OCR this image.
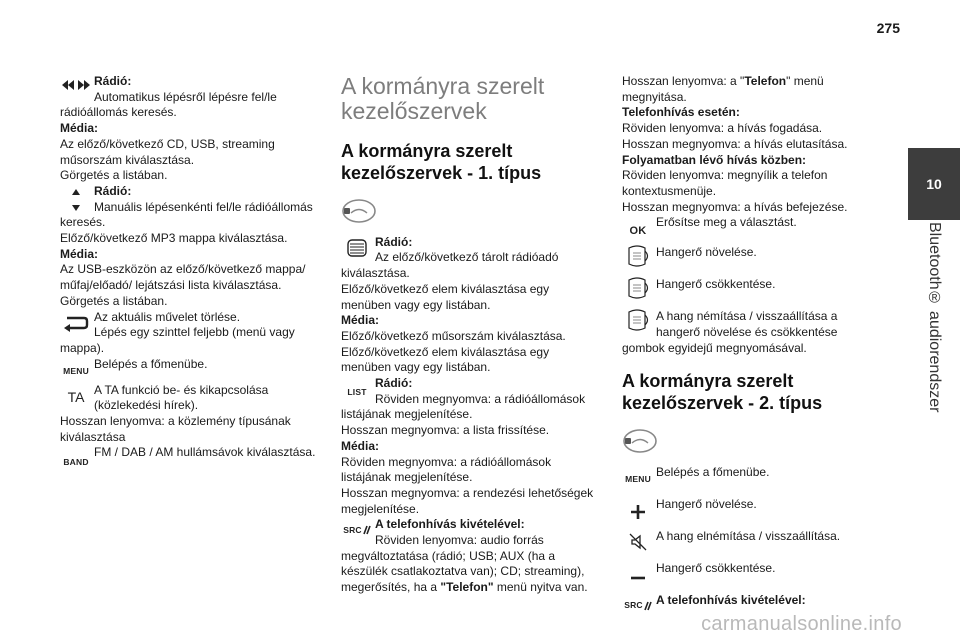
275
10
Bluetooth® audiorendszer
Rádió:
Automatikus lépésről lépésre fel/le
rádióállomás keresés.
Média:
Az előző/következő CD, USB, streaming
műsorszám kiválasztása.
Görgetés a listában.
Rádió:
Manuális lépésenkénti fel/le rádióállomás
keresés.
Előző/következő MP3 mappa kiválasztása.
Média:
Az USB-eszközön az előző/következő mappa/
műfaj/előadó/ lejátszási lista kiválasztása.
Görgetés a listában.
Az aktuális művelet törlése.
Lépés egy szinttel feljebb (menü vagy
mappa).
MENU
Belépés a főmenübe.
TA A TA funkció be- és kikapcsolása
(közlekedési hírek).
Hosszan lenyomva: a közlemény típusának
kiválasztása
BAND
FM / DAB / AM hullámsávok kiválasztása.
A kormányra szerelt
kezelőszervek
A kormányra szerelt
kezelőszervek - 1. típus
Rádió:
Az előző/következő tárolt rádióadó
kiválasztása.
Előző/következő elem kiválasztása egy
menüben vagy egy listában.
Média:
Előző/következő műsorszám kiválasztása.
Előző/következő elem kiválasztása egy
menüben vagy egy listában.
LIST
Rádió:
Röviden megnyomva: a rádióállomások
listájának megjelenítése.
Hosszan megnyomva: a lista frissítése.
Média:
Röviden megnyomva: a rádióállomások
listájának megjelenítése.
Hosszan megnyomva: a rendezési lehetőségek
megjelenítése.
SRC A telefonhívás kivételével:
Röviden lenyomva: audio forrás
megváltoztatása (rádió; USB; AUX (ha a
készülék csatlakoztatva van); CD; streaming),
megerősítés, ha a "Telefon" menü nyitva van.
Hosszan lenyomva: a "Telefon" menü
megnyitása.
Telefonhívás esetén:
Röviden lenyomva: a hívás fogadása.
Hosszan megnyomva: a hívás elutasítása.
Folyamatban lévő hívás közben:
Röviden lenyomva: megnyílik a telefon
kontextusmenüje.
Hosszan megnyomva: a hívás befejezése.
OK
Erősítse meg a választást.
Hangerő növelése.
Hangerő csökkentése.
A hang némítása / visszaállítása a
hangerő növelése és csökkentése
gombok egyidejű megnyomásával.
A kormányra szerelt
kezelőszervek - 2. típus
MENU
Belépés a főmenübe.
Hangerő növelése.
A hang elnémítása / visszaállítása.
Hangerő csökkentése.
SRC A telefonhívás kivételével:
carmanualsonline.info
